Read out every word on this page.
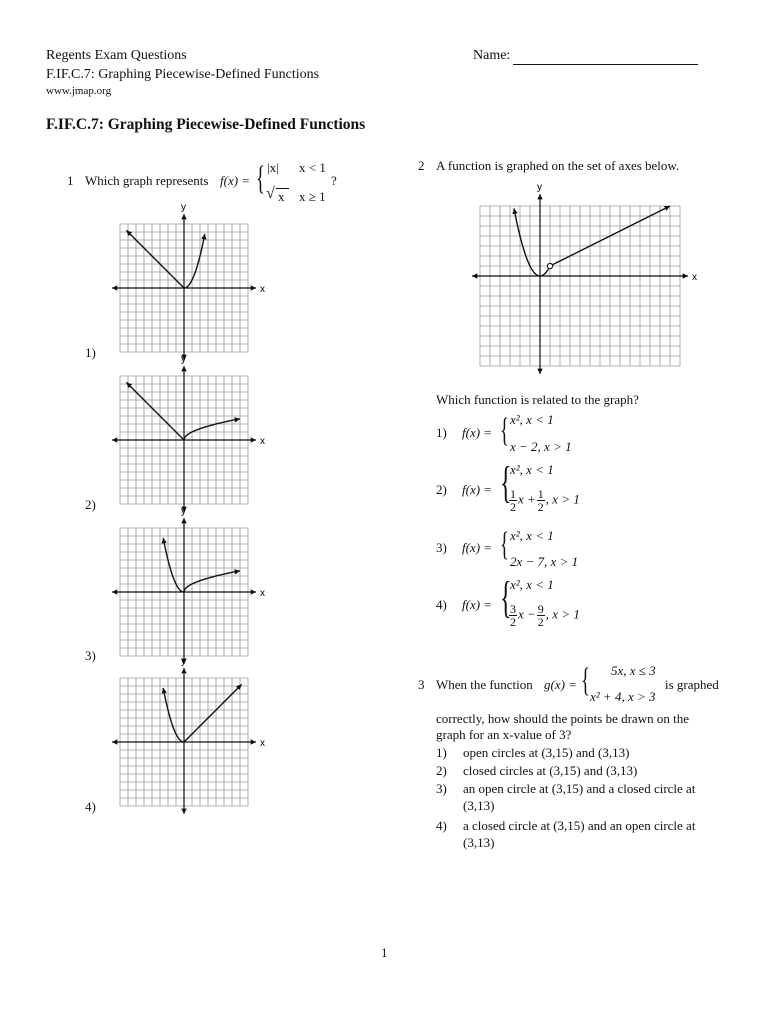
Regents Exam Questions
F.IF.C.7: Graphing Piecewise-Defined Functions
www.jmap.org
Name:
F.IF.C.7: Graphing Piecewise-Defined Functions
1 Which graph represents f(x) = { |x| x < 1
√ x x ≥ 1
?
x
y
1)
x
y
2)
x
y
3)
x
y
4)
2 A function is graphed on the set of axes below.
x
y
Which function is related to the graph?
1) f(x) = { x², x < 1
x − 2, x > 1
2) f(x) = {
x², x < 1
$\frac{1}{2}$ $x + \frac{1}{2}$ , x > 1
3) f(x) = { x², x < 1
2x − 7, x > 1
4) f(x) = {
x², x < 1
$\frac{3}{2}$ $x - \frac{9}{2}$ , x > 1
3 When the function g(x) = { 5x, x ≤ 3
x² + 4, x > 3
is graphed
correctly, how should the points be drawn on the
graph for an x-value of 3?
1) open circles at (3,15) and (3,13)
2) closed circles at (3,15) and (3,13)
3) an open circle at (3,15) and a closed circle at
(3,13)
4) a closed circle at (3,15) and an open circle at
(3,13)
1
